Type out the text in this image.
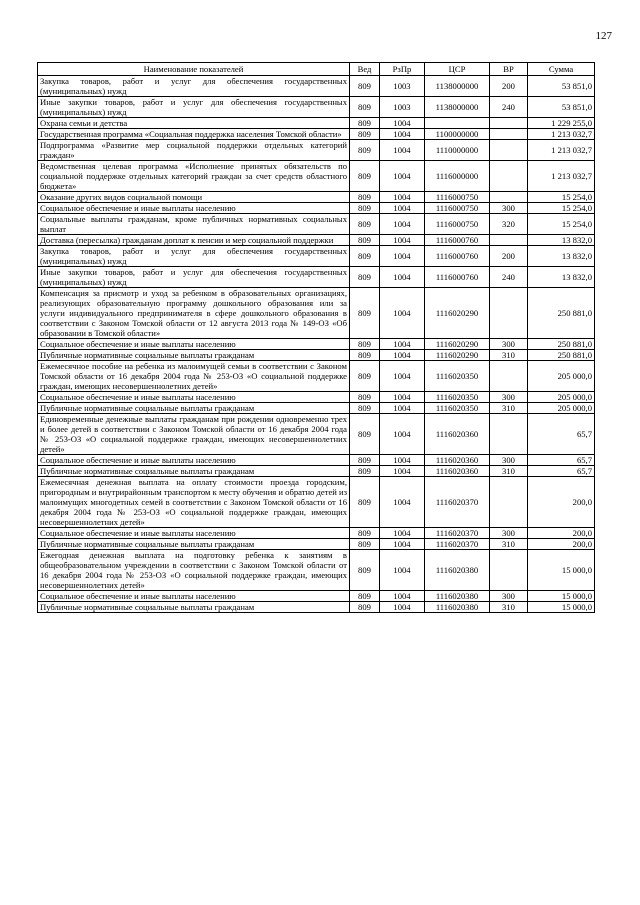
127
Наименование показателей	Вед	РзПр	ЦСР	ВР	Сумма
Закупка товаров, работ и услуг для обеспечения государственных (муниципальных) нужд	809	1003	1138000000	200	53 851,0
Иные закупки товаров, работ и услуг для обеспечения государственных (муниципальных) нужд	809	1003	1138000000	240	53 851,0
Охрана семьи и детства	809	1004			1 229 255,0
Государственная программа «Социальная поддержка населения Томской области»	809	1004	1100000000		1 213 032,7
Подпрограмма «Развитие мер социальной поддержки отдельных категорий граждан»	809	1004	1110000000		1 213 032,7
Ведомственная целевая программа «Исполнение принятых обязательств по социальной поддержке отдельных категорий граждан за счет средств областного бюджета»	809	1004	1116000000		1 213 032,7
Оказание других видов социальной помощи	809	1004	1116000750		15 254,0
Социальное обеспечение и иные выплаты населению	809	1004	1116000750	300	15 254,0
Социальные выплаты гражданам, кроме публичных нормативных социальных выплат	809	1004	1116000750	320	15 254,0
Доставка (пересылка) гражданам доплат к пенсии и мер социальной поддержки	809	1004	1116000760		13 832,0
Закупка товаров, работ и услуг для обеспечения государственных (муниципальных) нужд	809	1004	1116000760	200	13 832,0
Иные закупки товаров, работ и услуг для обеспечения государственных (муниципальных) нужд	809	1004	1116000760	240	13 832,0
Компенсация за присмотр и уход за ребенком в образовательных организациях, реализующих образовательную программу дошкольного образования или за услуги индивидуального предпринимателя в сфере дошкольного образования в соответствии с Законом Томской области от 12 августа 2013 года № 149-ОЗ «Об образовании в Томской области»	809	1004	1116020290		250 881,0
Социальное обеспечение и иные выплаты населению	809	1004	1116020290	300	250 881,0
Публичные нормативные социальные выплаты гражданам	809	1004	1116020290	310	250 881,0
Ежемесячное пособие на ребенка из малоимущей семьи в соответствии с Законом Томской области от 16 декабря 2004 года № 253-ОЗ «О социальной поддержке граждан, имеющих несовершеннолетних детей»	809	1004	1116020350		205 000,0
Социальное обеспечение и иные выплаты населению	809	1004	1116020350	300	205 000,0
Публичные нормативные социальные выплаты гражданам	809	1004	1116020350	310	205 000,0
Единовременные денежные выплаты гражданам при рождении одновременно трех и более детей в соответствии с Законом Томской области от 16 декабря 2004 года № 253-ОЗ «О социальной поддержке граждан, имеющих несовершеннолетних детей»	809	1004	1116020360		65,7
Социальное обеспечение и иные выплаты населению	809	1004	1116020360	300	65,7
Публичные нормативные социальные выплаты гражданам	809	1004	1116020360	310	65,7
Ежемесячная денежная выплата на оплату стоимости проезда городским, пригородным и внутрирайонным транспортом к месту обучения и обратно детей из малоимущих многодетных семей в соответствии с Законом Томской области от 16 декабря 2004 года № 253-ОЗ «О социальной поддержке граждан, имеющих несовершеннолетних детей»	809	1004	1116020370		200,0
Социальное обеспечение и иные выплаты населению	809	1004	1116020370	300	200,0
Публичные нормативные социальные выплаты гражданам	809	1004	1116020370	310	200,0
Ежегодная денежная выплата на подготовку ребенка к занятиям в общеобразовательном учреждении в соответствии с Законом Томской области от 16 декабря 2004 года № 253-ОЗ «О социальной поддержке граждан, имеющих несовершеннолетних детей»	809	1004	1116020380		15 000,0
Социальное обеспечение и иные выплаты населению	809	1004	1116020380	300	15 000,0
Публичные нормативные социальные выплаты гражданам	809	1004	1116020380	310	15 000,0
